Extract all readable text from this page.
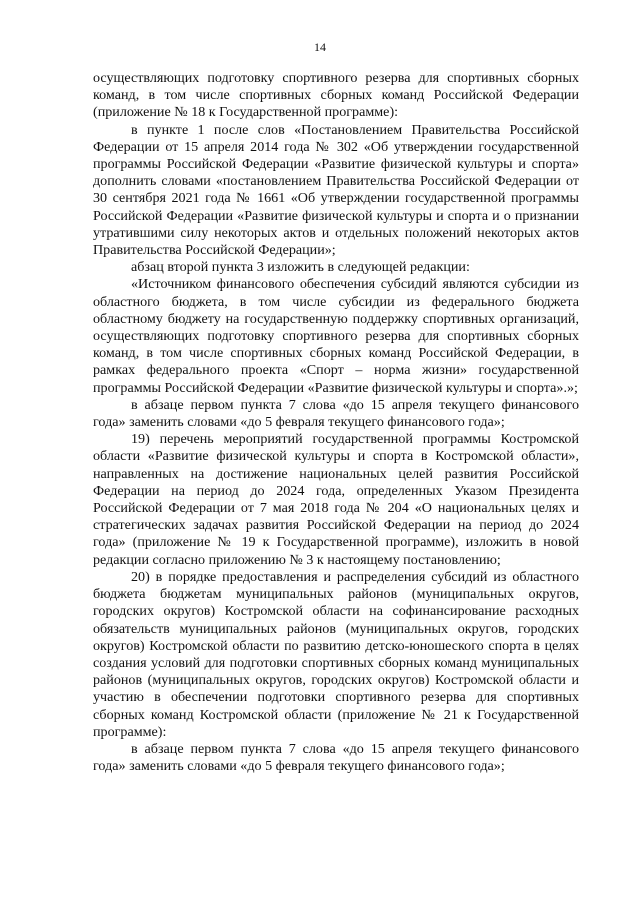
14

осуществляющих подготовку спортивного резерва для спортивных сборных команд, в том числе спортивных сборных команд Российской Федерации (приложение № 18 к Государственной программе):

в пункте 1 после слов «Постановлением Правительства Российской Федерации от 15 апреля 2014 года № 302 «Об утверждении государственной программы Российской Федерации «Развитие физической культуры и спорта» дополнить словами «постановлением Правительства Российской Федерации от 30 сентября 2021 года № 1661 «Об утверждении государственной программы Российской Федерации «Развитие физической культуры и спорта и о признании утратившими силу некоторых актов и отдельных положений некоторых актов Правительства Российской Федерации»;

абзац второй пункта 3 изложить в следующей редакции:

«Источником финансового обеспечения субсидий являются субсидии из областного бюджета, в том числе субсидии из федерального бюджета областному бюджету на государственную поддержку спортивных организаций, осуществляющих подготовку спортивного резерва для спортивных сборных команд, в том числе спортивных сборных команд Российской Федерации, в рамках федерального проекта «Спорт – норма жизни» государственной программы Российской Федерации «Развитие физической культуры и спорта».»;

в абзаце первом пункта 7 слова «до 15 апреля текущего финансового года» заменить словами «до 5 февраля текущего финансового года»;

19) перечень мероприятий государственной программы Костромской области «Развитие физической культуры и спорта в Костромской области», направленных на достижение национальных целей развития Российской Федерации на период до 2024 года, определенных Указом Президента Российской Федерации от 7 мая 2018 года № 204 «О национальных целях и стратегических задачах развития Российской Федерации на период до 2024 года» (приложение № 19 к Государственной программе), изложить в новой редакции согласно приложению № 3 к настоящему постановлению;

20) в порядке предоставления и распределения субсидий из областного бюджета бюджетам муниципальных районов (муниципальных округов, городских округов) Костромской области на софинансирование расходных обязательств муниципальных районов (муниципальных округов, городских округов) Костромской области по развитию детско-юношеского спорта в целях создания условий для подготовки спортивных сборных команд муниципальных районов (муниципальных округов, городских округов) Костромской области и участию в обеспечении подготовки спортивного резерва для спортивных сборных команд Костромской области (приложение № 21 к Государственной программе):

в абзаце первом пункта 7 слова «до 15 апреля текущего финансового года» заменить словами «до 5 февраля текущего финансового года»;
